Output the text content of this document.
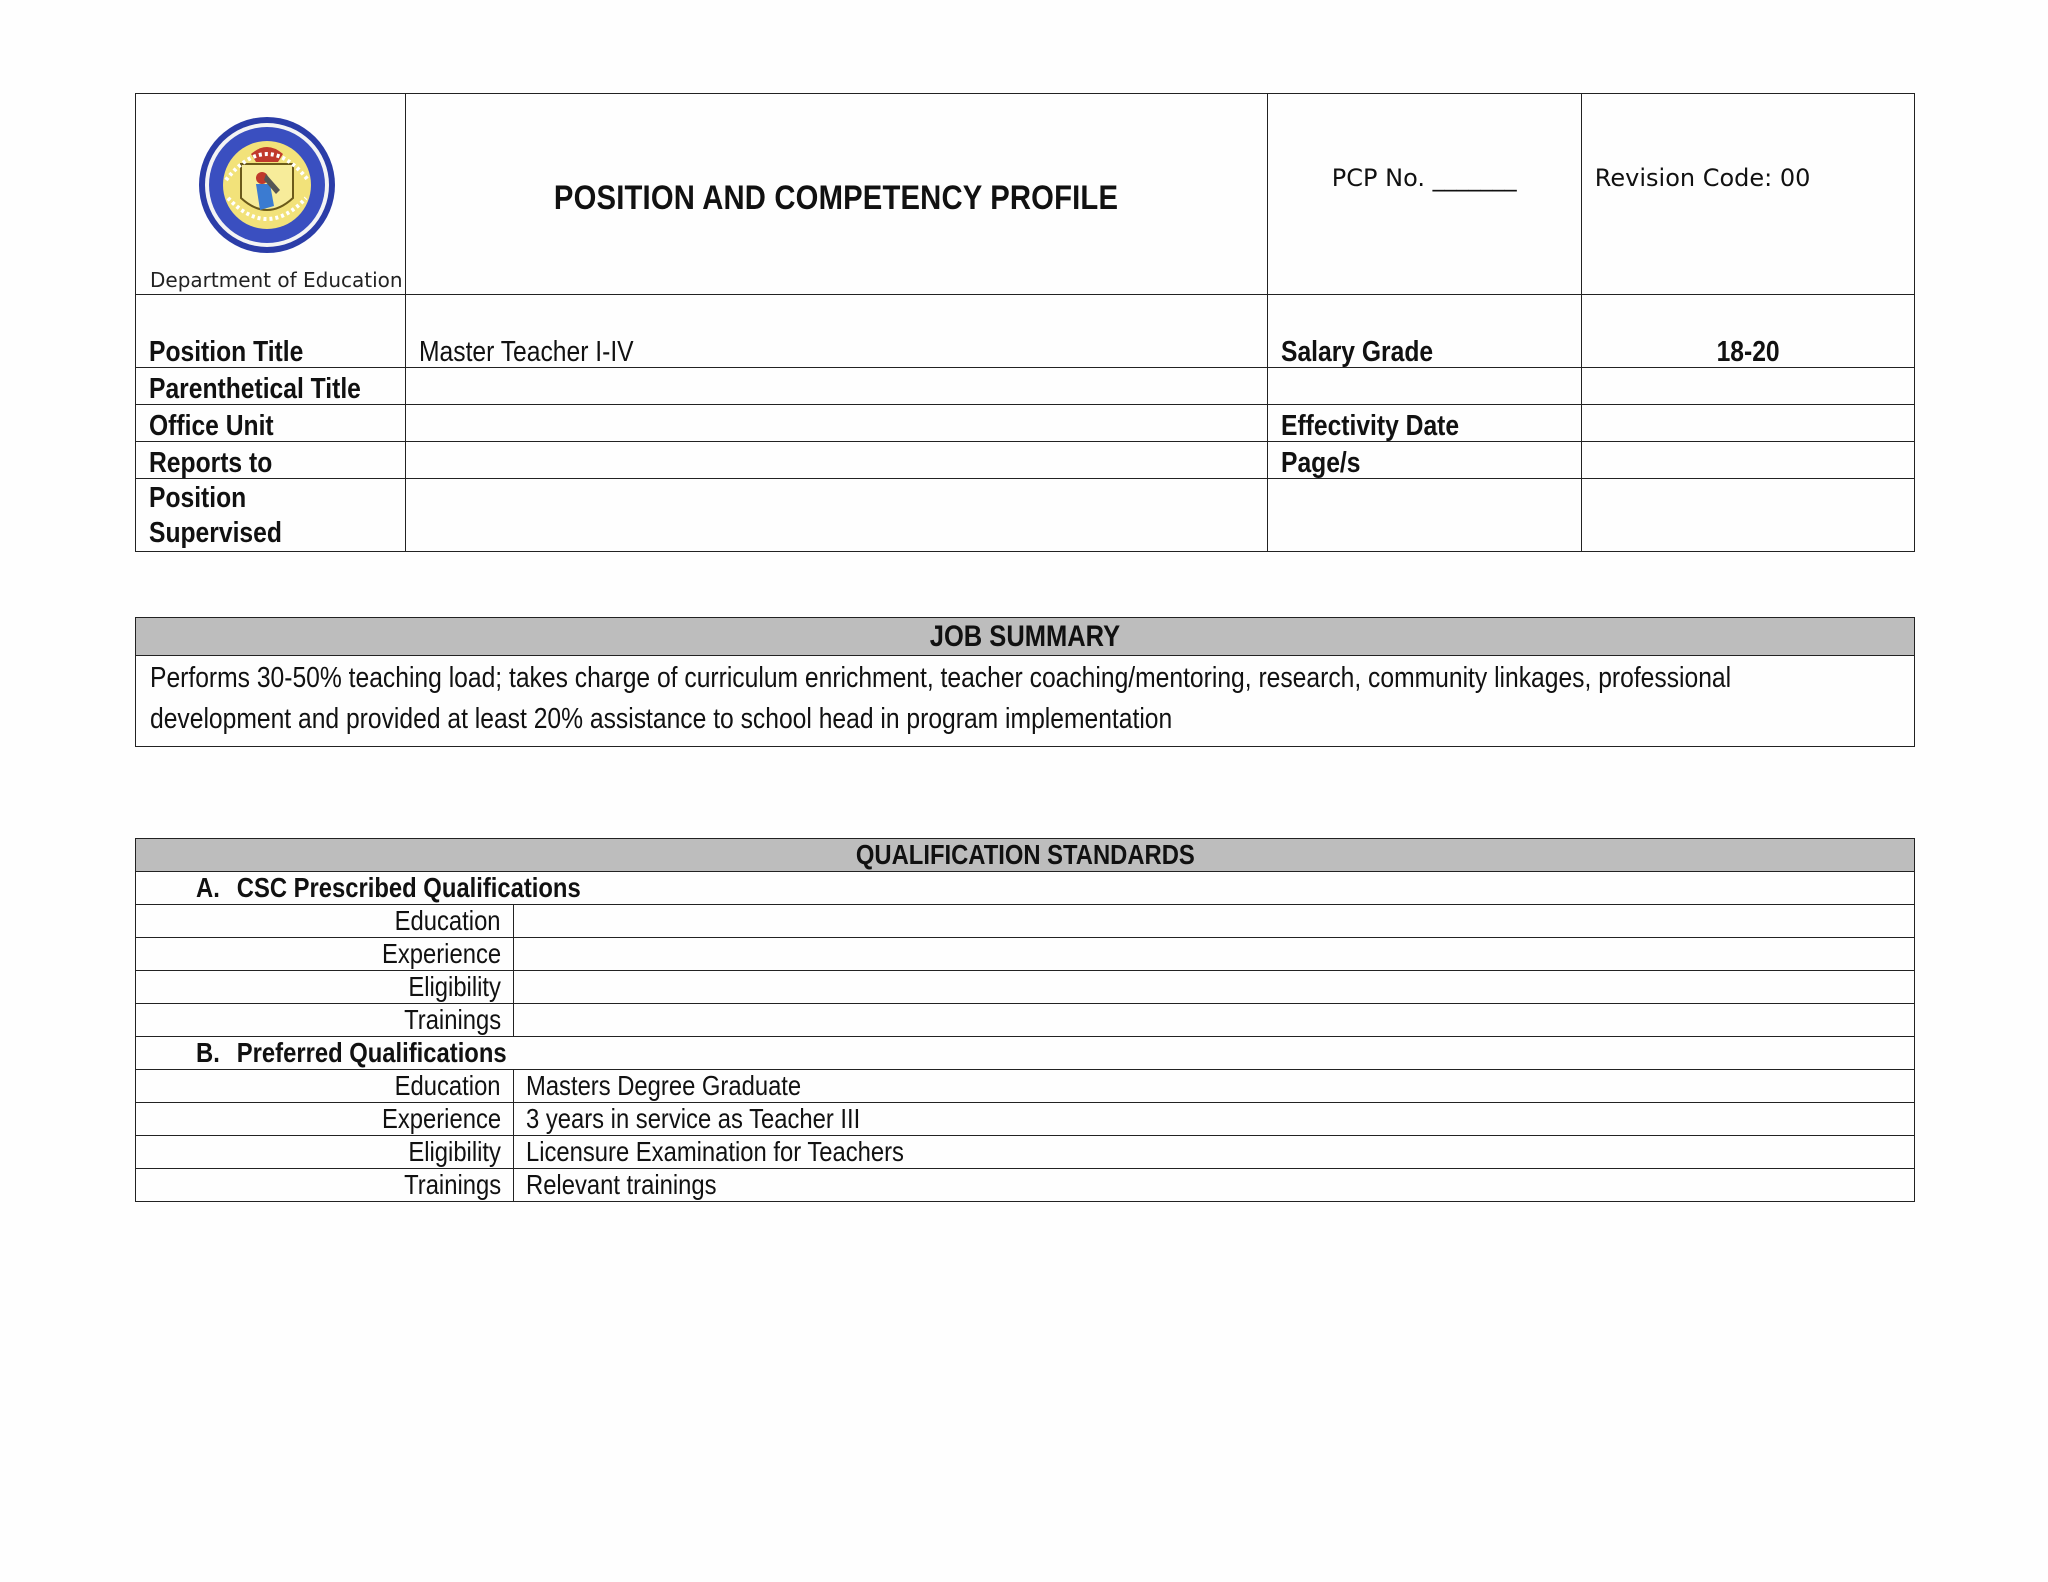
Department of Education	POSITION AND COMPETENCY PROFILE	PCP No. _______	Revision Code: 00

Position Title	Master Teacher I-IV	Salary Grade	18-20
Parenthetical Title			
Office Unit		Effectivity Date	
Reports to		Page/s	
Position
Supervised			
JOB SUMMARY

Performs 30-50% teaching load; takes charge of curriculum enrichment, teacher coaching/mentoring, research, community linkages, professional
development and provided at least 20% assistance to school head in program implementation
QUALIFICATION STANDARDS	
A. CSC Prescribed Qualifications	
Education	
Experience	
Eligibility	
Trainings	
B. Preferred Qualifications	
Education	Masters Degree Graduate
Experience	3 years in service as Teacher III
Eligibility	Licensure Examination for Teachers
Trainings	Relevant trainings
